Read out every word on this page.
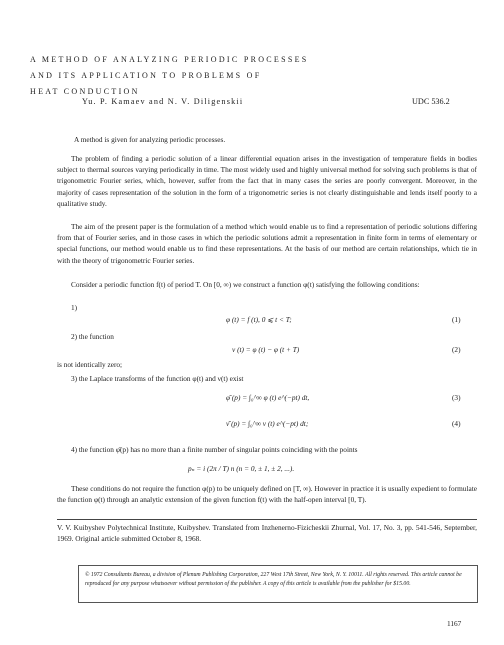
A METHOD OF ANALYZING PERIODIC PROCESSES
AND ITS APPLICATION TO PROBLEMS OF
HEAT CONDUCTION
Yu. P. Kamaev and N. V. Diligenskii	UDC 536.2
A method is given for analyzing periodic processes.

The problem of finding a periodic solution of a linear differential equation arises in the investigation of temperature fields in bodies subject to thermal sources varying periodically in time. The most widely used and highly universal method for solving such problems is that of trigonometric Fourier series, which, however, suffer from the fact that in many cases the series are poorly convergent. Moreover, in the majority of cases representation of the solution in the form of a trigonometric series is not clearly distinguishable and lends itself poorly to a qualitative study.

The aim of the present paper is the formulation of a method which would enable us to find a representation of periodic solutions differing from that of Fourier series, and in those cases in which the periodic solutions admit a representation in finite form in terms of elementary or special functions, our method would enable us to find these representations. At the basis of our method are certain relationships, which tie in with the theory of trigonometric Fourier series.

Consider a periodic function f(t) of period T. On [0, ∞) we construct a function φ(t) satisfying the following conditions:

1)
φ (t) = f (t), 0 ⩽ t < T;	(1)
2) the function
ν (t) = φ (t) − φ (t + T)	(2)
is not identically zero;
3) the Laplace transforms of the function φ(t) and ν(t) exist
φ̄ (p) = ∫₀^∞ φ (t) e^(−pt) dt,	(3)
ν̄ (p) = ∫₀^∞ ν (t) e^(−pt) dt;	(4)
4) the function φ̄(p) has no more than a finite number of singular points coinciding with the points
pₙ = i (2π / T) n (n = 0, ± 1, ± 2, ...).

These conditions do not require the function φ(p) to be uniquely defined on [T, ∞). However in practice it is usually expedient to formulate the function φ(t) through an analytic extension of the given function f(t) with the half-open interval [0, T).

V. V. Kuibyshev Polytechnical Institute, Kuibyshev. Translated from Inzhenerno-Fizicheskii Zhurnal, Vol. 17, No. 3, pp. 541-546, September, 1969. Original article submitted October 8, 1968.

© 1972 Consultants Bureau, a division of Plenum Publishing Corporation, 227 West 17th Street, New York, N. Y. 10011. All rights reserved. This article cannot be reproduced for any purpose whatsoever without permission of the publisher. A copy of this article is available from the publisher for $15.00.

1167
